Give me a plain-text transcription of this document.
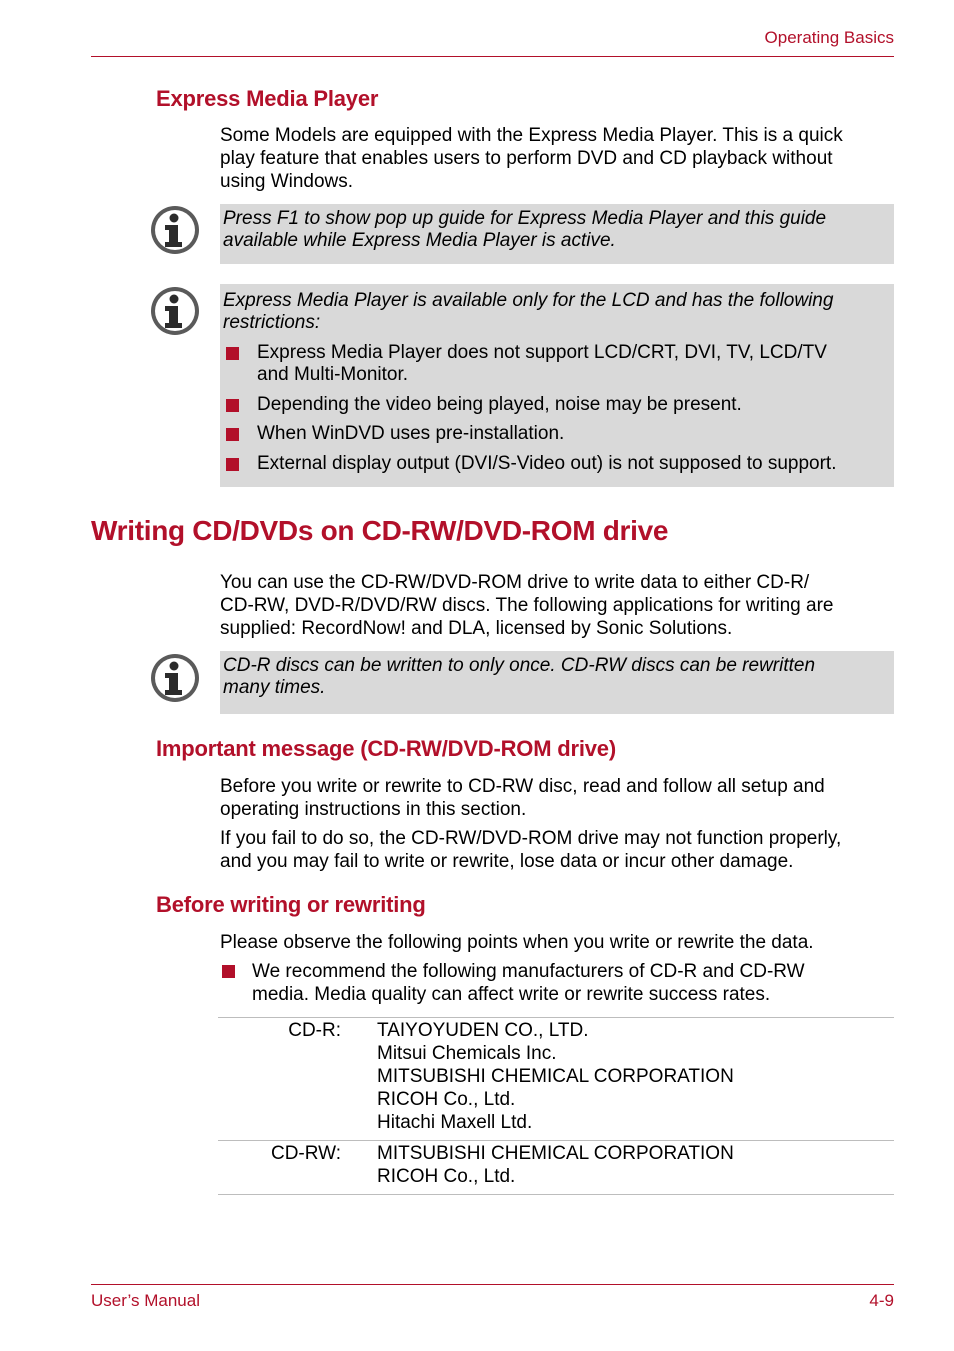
Operating Basics
Express Media Player
Some Models are equipped with the Express Media Player. This is a quick
play feature that enables users to perform DVD and CD playback without
using Windows.
Press F1 to show pop up guide for Express Media Player and this guide
available while Express Media Player is active.
Express Media Player is available only for the LCD and has the following
restrictions:
Express Media Player does not support LCD/CRT, DVI, TV, LCD/TV
and Multi-Monitor.
Depending the video being played, noise may be present.
When WinDVD uses pre-installation.
External display output (DVI/S-Video out) is not supposed to support.
Writing CD/DVDs on CD-RW/DVD-ROM drive
You can use the CD-RW/DVD-ROM drive to write data to either CD-R/
CD-RW, DVD-R/DVD/RW discs. The following applications for writing are
supplied: RecordNow! and DLA, licensed by Sonic Solutions.
CD-R discs can be written to only once. CD-RW discs can be rewritten
many times.
Important message (CD-RW/DVD-ROM drive)
Before you write or rewrite to CD-RW disc, read and follow all setup and
operating instructions in this section.
If you fail to do so, the CD-RW/DVD-ROM drive may not function properly,
and you may fail to write or rewrite, lose data or incur other damage.
Before writing or rewriting
Please observe the following points when you write or rewrite the data.
We recommend the following manufacturers of CD-R and CD-RW
media. Media quality can affect write or rewrite success rates.
CD-R: TAIYOYUDEN CO., LTD.
Mitsui Chemicals Inc.
MITSUBISHI CHEMICAL CORPORATION
RICOH Co., Ltd.
Hitachi Maxell Ltd.
CD-RW: MITSUBISHI CHEMICAL CORPORATION
RICOH Co., Ltd.
User’s Manual	4-9
